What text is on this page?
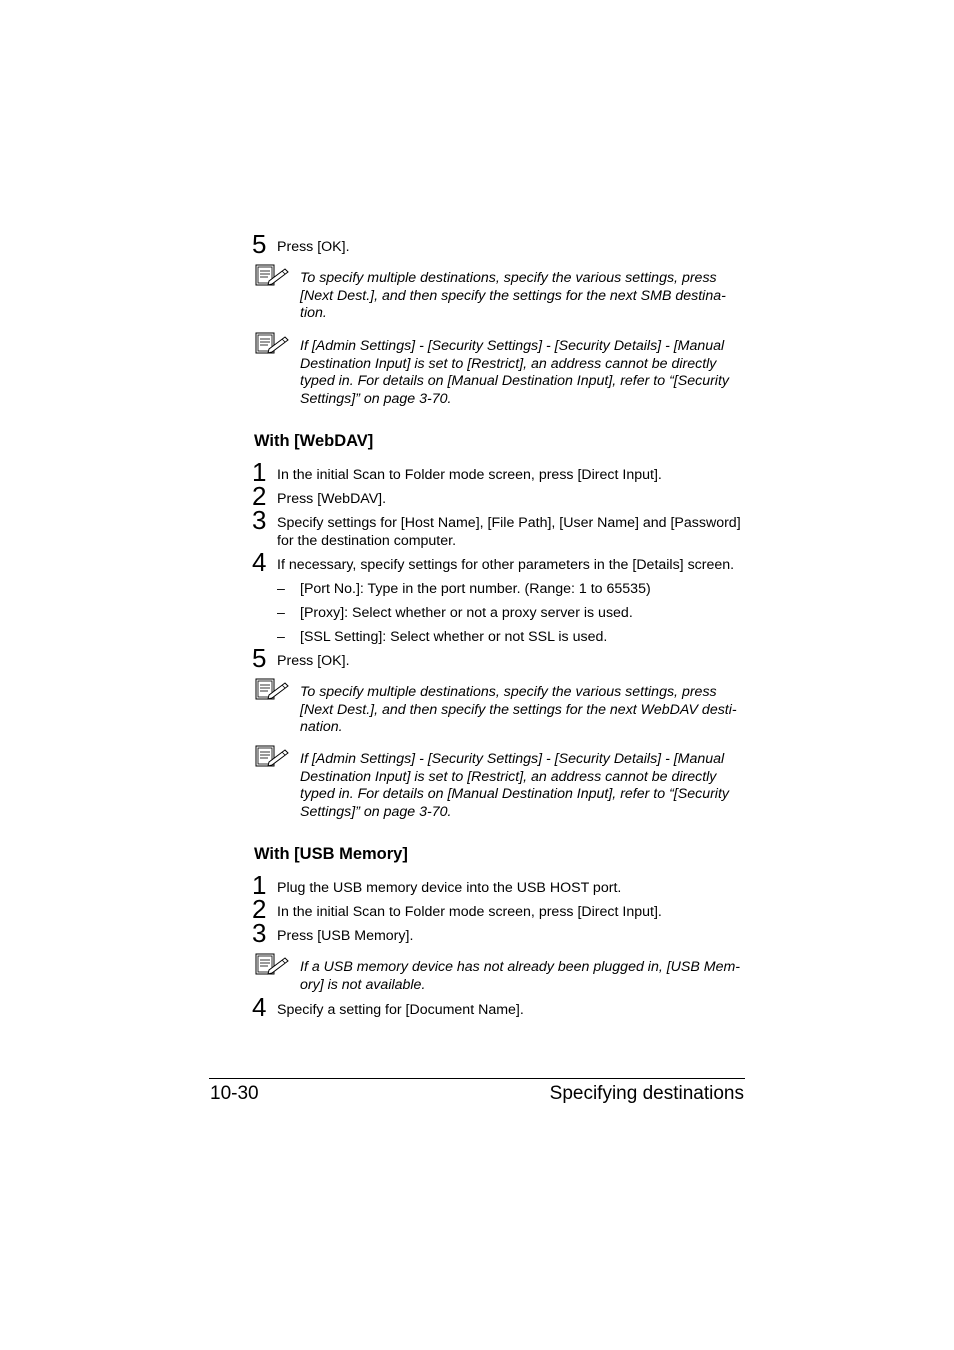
5 Press [OK].
To specify multiple destinations, specify the various settings, press [Next Dest.], and then specify the settings for the next SMB destina-tion.
If [Admin Settings] - [Security Settings] - [Security Details] - [Manual Destination Input] is set to [Restrict], an address cannot be directly typed in. For details on [Manual Destination Input], refer to “[Security Settings]” on page 3-70.
With [WebDAV]
1 In the initial Scan to Folder mode screen, press [Direct Input].
2 Press [WebDAV].
3 Specify settings for [Host Name], [File Path], [User Name] and [Password] for the destination computer.
4 If necessary, specify settings for other parameters in the [Details] screen.
– [Port No.]: Type in the port number. (Range: 1 to 65535)
– [Proxy]: Select whether or not a proxy server is used.
– [SSL Setting]: Select whether or not SSL is used.
5 Press [OK].
To specify multiple destinations, specify the various settings, press [Next Dest.], and then specify the settings for the next WebDAV desti-nation.
If [Admin Settings] - [Security Settings] - [Security Details] - [Manual Destination Input] is set to [Restrict], an address cannot be directly typed in. For details on [Manual Destination Input], refer to “[Security Settings]” on page 3-70.
With [USB Memory]
1 Plug the USB memory device into the USB HOST port.
2 In the initial Scan to Folder mode screen, press [Direct Input].
3 Press [USB Memory].
If a USB memory device has not already been plugged in, [USB Mem-ory] is not available.
4 Specify a setting for [Document Name].
10-30	Specifying destinations
